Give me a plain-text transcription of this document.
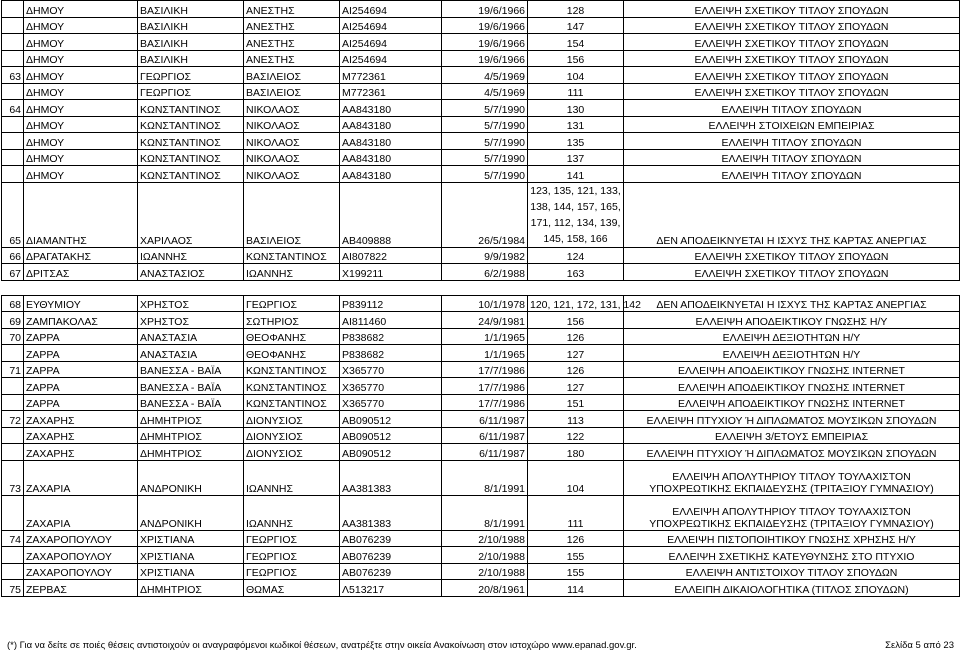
	ΔΗΜΟΥ	ΒΑΣΙΛΙΚΗ	ΑΝΕΣΤΗΣ	ΑΙ254694	19/6/1966	128	ΕΛΛΕΙΨΗ ΣΧΕΤΙΚΟΥ ΤΙΤΛΟΥ ΣΠΟΥΔΩΝ
	ΔΗΜΟΥ	ΒΑΣΙΛΙΚΗ	ΑΝΕΣΤΗΣ	ΑΙ254694	19/6/1966	147	ΕΛΛΕΙΨΗ ΣΧΕΤΙΚΟΥ ΤΙΤΛΟΥ ΣΠΟΥΔΩΝ
	ΔΗΜΟΥ	ΒΑΣΙΛΙΚΗ	ΑΝΕΣΤΗΣ	ΑΙ254694	19/6/1966	154	ΕΛΛΕΙΨΗ ΣΧΕΤΙΚΟΥ ΤΙΤΛΟΥ ΣΠΟΥΔΩΝ
	ΔΗΜΟΥ	ΒΑΣΙΛΙΚΗ	ΑΝΕΣΤΗΣ	ΑΙ254694	19/6/1966	156	ΕΛΛΕΙΨΗ ΣΧΕΤΙΚΟΥ ΤΙΤΛΟΥ ΣΠΟΥΔΩΝ
63	ΔΗΜΟΥ	ΓΕΩΡΓΙΟΣ	ΒΑΣΙΛΕΙΟΣ	Μ772361	4/5/1969	104	ΕΛΛΕΙΨΗ ΣΧΕΤΙΚΟΥ ΤΙΤΛΟΥ ΣΠΟΥΔΩΝ
	ΔΗΜΟΥ	ΓΕΩΡΓΙΟΣ	ΒΑΣΙΛΕΙΟΣ	Μ772361	4/5/1969	111	ΕΛΛΕΙΨΗ ΣΧΕΤΙΚΟΥ ΤΙΤΛΟΥ ΣΠΟΥΔΩΝ
64	ΔΗΜΟΥ	ΚΩΝΣΤΑΝΤΙΝΟΣ	ΝΙΚΟΛΑΟΣ	ΑΑ843180	5/7/1990	130	ΕΛΛΕΙΨΗ ΤΙΤΛΟΥ ΣΠΟΥΔΩΝ
	ΔΗΜΟΥ	ΚΩΝΣΤΑΝΤΙΝΟΣ	ΝΙΚΟΛΑΟΣ	ΑΑ843180	5/7/1990	131	ΕΛΛΕΙΨΗ ΣΤΟΙΧΕΙΩΝ ΕΜΠΕΙΡΙΑΣ
	ΔΗΜΟΥ	ΚΩΝΣΤΑΝΤΙΝΟΣ	ΝΙΚΟΛΑΟΣ	ΑΑ843180	5/7/1990	135	ΕΛΛΕΙΨΗ ΤΙΤΛΟΥ ΣΠΟΥΔΩΝ
	ΔΗΜΟΥ	ΚΩΝΣΤΑΝΤΙΝΟΣ	ΝΙΚΟΛΑΟΣ	ΑΑ843180	5/7/1990	137	ΕΛΛΕΙΨΗ ΤΙΤΛΟΥ ΣΠΟΥΔΩΝ
	ΔΗΜΟΥ	ΚΩΝΣΤΑΝΤΙΝΟΣ	ΝΙΚΟΛΑΟΣ	ΑΑ843180	5/7/1990	141	ΕΛΛΕΙΨΗ ΤΙΤΛΟΥ ΣΠΟΥΔΩΝ
65	ΔΙΑΜΑΝΤΗΣ	ΧΑΡΙΛΑΟΣ	ΒΑΣΙΛΕΙΟΣ	ΑΒ409888	26/5/1984	123, 135, 121, 133,
138, 144, 157, 165,
171, 112, 134, 139,
145, 158, 166	ΔΕΝ ΑΠΟΔΕΙΚΝΥΕΤΑΙ Η ΙΣΧΥΣ ΤΗΣ ΚΑΡΤΑΣ ΑΝΕΡΓΙΑΣ
66	ΔΡΑΓΑΤΑΚΗΣ	ΙΩΑΝΝΗΣ	ΚΩΝΣΤΑΝΤΙΝΟΣ	ΑΙ807822	9/9/1982	124	ΕΛΛΕΙΨΗ ΣΧΕΤΙΚΟΥ ΤΙΤΛΟΥ ΣΠΟΥΔΩΝ
67	ΔΡΙΤΣΑΣ	ΑΝΑΣΤΑΣΙΟΣ	ΙΩΑΝΝΗΣ	Χ199211	6/2/1988	163	ΕΛΛΕΙΨΗ ΣΧΕΤΙΚΟΥ ΤΙΤΛΟΥ ΣΠΟΥΔΩΝ
68	ΕΥΘΥΜΙΟΥ	ΧΡΗΣΤΟΣ	ΓΕΩΡΓΙΟΣ	Ρ839112	10/1/1978	120, 121, 172, 131, 142	ΔΕΝ ΑΠΟΔΕΙΚΝΥΕΤΑΙ Η ΙΣΧΥΣ ΤΗΣ ΚΑΡΤΑΣ ΑΝΕΡΓΙΑΣ
69	ΖΑΜΠΑΚΟΛΑΣ	ΧΡΗΣΤΟΣ	ΣΩΤΗΡΙΟΣ	ΑΙ811460	24/9/1981	156	ΕΛΛΕΙΨΗ ΑΠΟΔΕΙΚΤΙΚΟΥ ΓΝΩΣΗΣ Η/Υ
70	ΖΑΡΡΑ	ΑΝΑΣΤΑΣΙΑ	ΘΕΟΦΑΝΗΣ	Ρ838682	1/1/1965	126	ΕΛΛΕΙΨΗ ΔΕΞΙΟΤΗΤΩΝ Η/Υ
	ΖΑΡΡΑ	ΑΝΑΣΤΑΣΙΑ	ΘΕΟΦΑΝΗΣ	Ρ838682	1/1/1965	127	ΕΛΛΕΙΨΗ ΔΕΞΙΟΤΗΤΩΝ Η/Υ
71	ΖΑΡΡΑ	ΒΑΝΕΣΣΑ - ΒΑΪΑ	ΚΩΝΣΤΑΝΤΙΝΟΣ	Χ365770	17/7/1986	126	ΕΛΛΕΙΨΗ ΑΠΟΔΕΙΚΤΙΚΟΥ ΓΝΩΣΗΣ INTERNET
	ΖΑΡΡΑ	ΒΑΝΕΣΣΑ - ΒΑΪΑ	ΚΩΝΣΤΑΝΤΙΝΟΣ	Χ365770	17/7/1986	127	ΕΛΛΕΙΨΗ ΑΠΟΔΕΙΚΤΙΚΟΥ ΓΝΩΣΗΣ INTERNET
	ΖΑΡΡΑ	ΒΑΝΕΣΣΑ - ΒΑΪΑ	ΚΩΝΣΤΑΝΤΙΝΟΣ	Χ365770	17/7/1986	151	ΕΛΛΕΙΨΗ ΑΠΟΔΕΙΚΤΙΚΟΥ ΓΝΩΣΗΣ INTERNET
72	ΖΑΧΑΡΗΣ	ΔΗΜΗΤΡΙΟΣ	ΔΙΟΝΥΣΙΟΣ	ΑΒ090512	6/11/1987	113	ΕΛΛΕΙΨΗ ΠΤΥΧΙΟΥ Ή ΔΙΠΛΩΜΑΤΟΣ ΜΟΥΣΙΚΩΝ ΣΠΟΥΔΩΝ
	ΖΑΧΑΡΗΣ	ΔΗΜΗΤΡΙΟΣ	ΔΙΟΝΥΣΙΟΣ	ΑΒ090512	6/11/1987	122	ΕΛΛΕΙΨΗ 3/ΕΤΟΥΣ ΕΜΠΕΙΡΙΑΣ
	ΖΑΧΑΡΗΣ	ΔΗΜΗΤΡΙΟΣ	ΔΙΟΝΥΣΙΟΣ	ΑΒ090512	6/11/1987	180	ΕΛΛΕΙΨΗ ΠΤΥΧΙΟΥ Ή ΔΙΠΛΩΜΑΤΟΣ ΜΟΥΣΙΚΩΝ ΣΠΟΥΔΩΝ
73	ΖΑΧΑΡΙΑ	ΑΝΔΡΟΝΙΚΗ	ΙΩΑΝΝΗΣ	ΑΑ381383	8/1/1991	104	ΕΛΛΕΙΨΗ ΑΠΟΛΥΤΗΡΙΟΥ ΤΙΤΛΟΥ ΤΟΥΛΑΧΙΣΤΟΝ
ΥΠΟΧΡΕΩΤΙΚΗΣ ΕΚΠΑΙΔΕΥΣΗΣ (ΤΡΙΤΑΞΙΟΥ ΓΥΜΝΑΣΙΟΥ)

	ΖΑΧΑΡΙΑ	ΑΝΔΡΟΝΙΚΗ	ΙΩΑΝΝΗΣ	ΑΑ381383	8/1/1991	111	ΕΛΛΕΙΨΗ ΑΠΟΛΥΤΗΡΙΟΥ ΤΙΤΛΟΥ ΤΟΥΛΑΧΙΣΤΟΝ
ΥΠΟΧΡΕΩΤΙΚΗΣ ΕΚΠΑΙΔΕΥΣΗΣ (ΤΡΙΤΑΞΙΟΥ ΓΥΜΝΑΣΙΟΥ)

74	ΖΑΧΑΡΟΠΟΥΛΟΥ	ΧΡΙΣΤΙΑΝΑ	ΓΕΩΡΓΙΟΣ	ΑΒ076239	2/10/1988	126	ΕΛΛΕΙΨΗ ΠΙΣΤΟΠΟΙΗΤΙΚΟΥ ΓΝΩΣΗΣ ΧΡΗΣΗΣ Η/Υ
	ΖΑΧΑΡΟΠΟΥΛΟΥ	ΧΡΙΣΤΙΑΝΑ	ΓΕΩΡΓΙΟΣ	ΑΒ076239	2/10/1988	155	ΕΛΛΕΙΨΗ ΣΧΕΤΙΚΗΣ ΚΑΤΕΥΘΥΝΣΗΣ ΣΤΟ ΠΤΥΧΙΟ
	ΖΑΧΑΡΟΠΟΥΛΟΥ	ΧΡΙΣΤΙΑΝΑ	ΓΕΩΡΓΙΟΣ	ΑΒ076239	2/10/1988	155	ΕΛΛΕΙΨΗ ΑΝΤΙΣΤΟΙΧΟΥ ΤΙΤΛΟΥ ΣΠΟΥΔΩΝ
75	ΖΕΡΒΑΣ	ΔΗΜΗΤΡΙΟΣ	ΘΩΜΑΣ	Λ513217	20/8/1961	114	ΕΛΛΕΙΠΗ ΔΙΚΑΙΟΛΟΓΗΤΙΚΑ (ΤΙΤΛΟΣ ΣΠΟΥΔΩΝ)
(*) Για να δείτε σε ποιές θέσεις αντιστοιχούν οι αναγραφόμενοι κωδικοί θέσεων, ανατρέξτε στην οικεία Ανακοίνωση στον ιστοχώρο www.epanad.gov.gr.	Σελίδα 5 από 23
